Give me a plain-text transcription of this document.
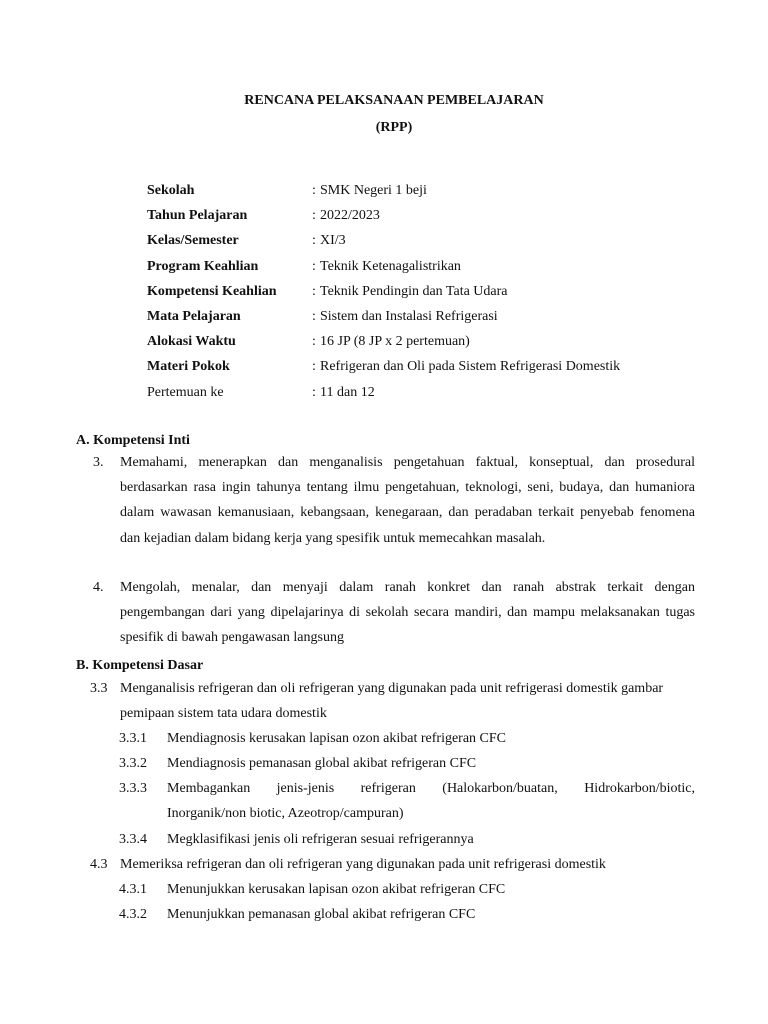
RENCANA PELAKSANAAN PEMBELAJARAN
(RPP)
Sekolah	: SMK Negeri 1 beji
Tahun Pelajaran	: 2022/2023
Kelas/Semester	: XI/3
Program Keahlian	: Teknik Ketenagalistrikan
Kompetensi Keahlian	: Teknik Pendingin dan Tata Udara
Mata Pelajaran	: Sistem dan Instalasi Refrigerasi
Alokasi Waktu	: 16 JP (8 JP x 2 pertemuan)
Materi Pokok	: Refrigeran dan Oli pada Sistem Refrigerasi Domestik
Pertemuan ke	: 11 dan 12
A. Kompetensi Inti
3. Memahami, menerapkan dan menganalisis pengetahuan faktual, konseptual, dan prosedural berdasarkan rasa ingin tahunya tentang ilmu pengetahuan, teknologi, seni, budaya, dan humaniora dalam wawasan kemanusiaan, kebangsaan, kenegaraan, dan peradaban terkait penyebab fenomena dan kejadian dalam bidang kerja yang spesifik untuk memecahkan masalah.
4. Mengolah, menalar, dan menyaji dalam ranah konkret dan ranah abstrak terkait dengan pengembangan dari yang dipelajarinya di sekolah secara mandiri, dan mampu melaksanakan tugas spesifik di bawah pengawasan langsung
B. Kompetensi Dasar
3.3 Menganalisis refrigeran dan oli refrigeran yang digunakan pada unit refrigerasi domestik gambar pemipaan sistem tata udara domestik
3.3.1 Mendiagnosis kerusakan lapisan ozon akibat refrigeran CFC
3.3.2 Mendiagnosis pemanasan global akibat refrigeran CFC
3.3.3 Membagankan jenis-jenis refrigeran (Halokarbon/buatan, Hidrokarbon/biotic,
Inorganik/non biotic, Azeotrop/campuran)
3.3.4 Megklasifikasi jenis oli refrigeran sesuai refrigerannya
4.3 Memeriksa refrigeran dan oli refrigeran yang digunakan pada unit refrigerasi domestik
4.3.1 Menunjukkan kerusakan lapisan ozon akibat refrigeran CFC
4.3.2 Menunjukkan pemanasan global akibat refrigeran CFC
